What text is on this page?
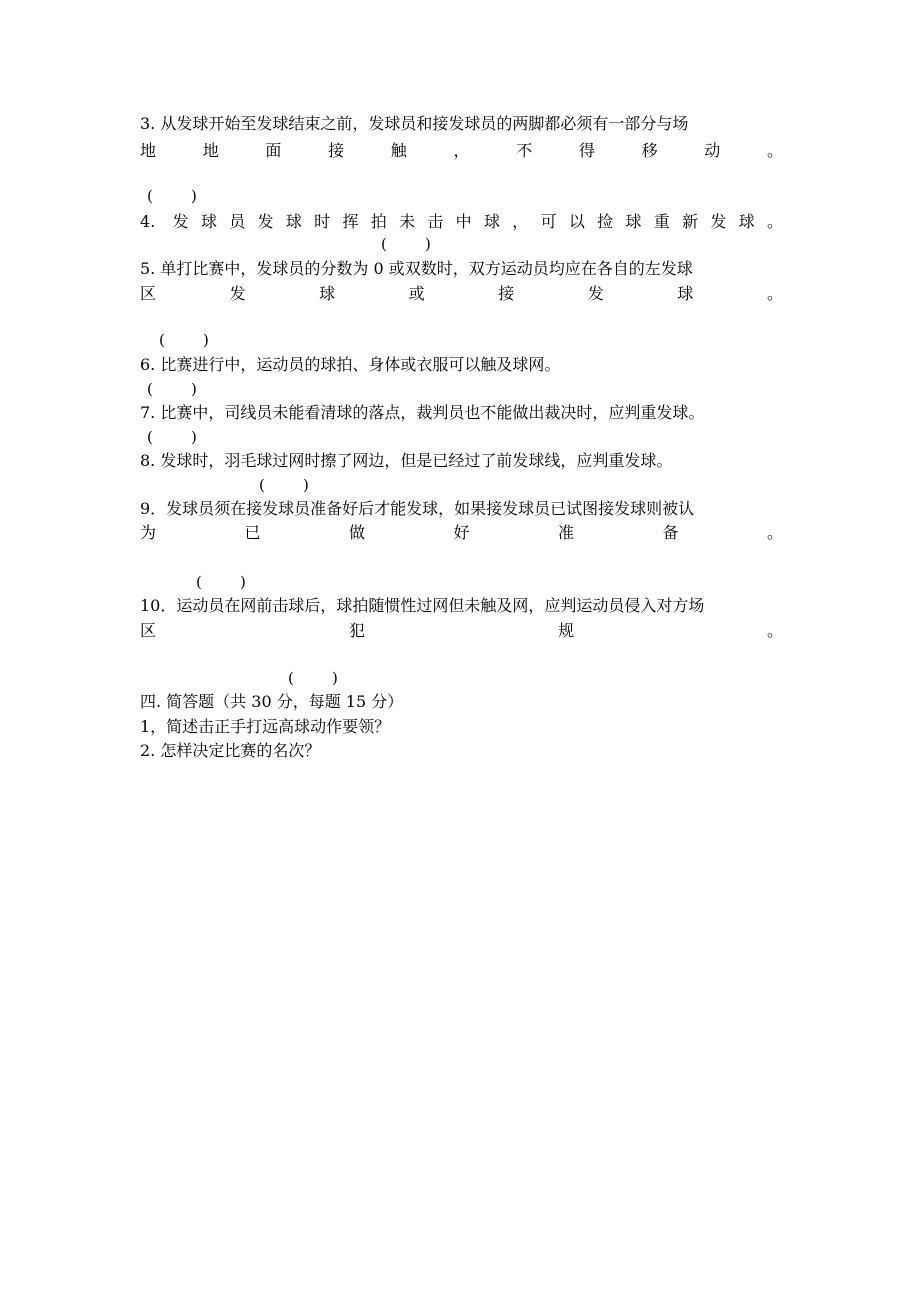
3. 从发球开始至发球结束之前，发球员和接发球员的两脚都必须有一部分与场
地 地 面 接 触 ， 不 得 移 动 。
(        )
4. 发球员发球时挥拍未击中球，可以捡球重新发球。
(        )
5. 单打比赛中，发球员的分数为 0 或双数时，双方运动员均应在各自的左发球
区 发 球 或 接 发 球 。
(        )
6. 比赛进行中，运动员的球拍、身体或衣服可以触及球网。
(        )
7. 比赛中，司线员未能看清球的落点，裁判员也不能做出裁决时，应判重发球。
(        )
8. 发球时，羽毛球过网时擦了网边，但是已经过了前发球线，应判重发球。
(        )
9．发球员须在接发球员准备好后才能发球，如果接发球员已试图接发球则被认
为 已 做 好 准 备 。
(        )
10．运动员在网前击球后，球拍随惯性过网但未触及网，应判运动员侵入对方场
区 犯 规 。
(        )
四. 简答题（共 30 分，每题 15 分）
1，简述击正手打远高球动作要领？
2. 怎样决定比赛的名次？
